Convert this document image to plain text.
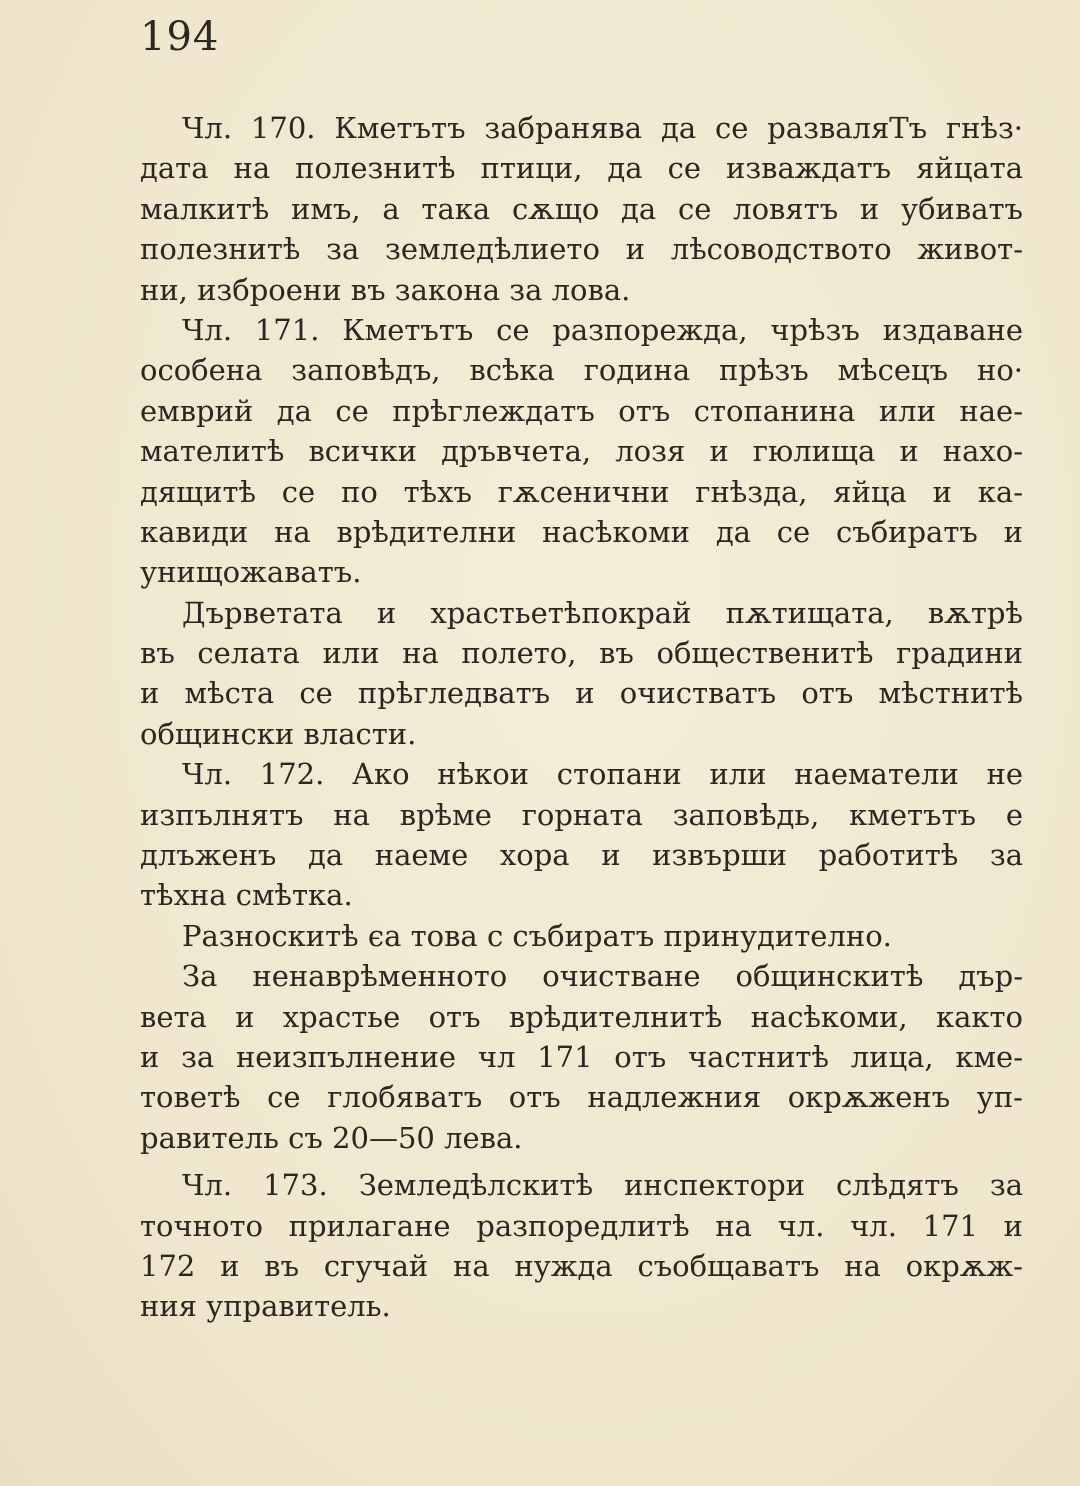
194
Чл. 170. Кметътъ забранява да се разваляТъ гнѣз·
дата на полезнитѣ птици, да се изваждатъ яйцата
малкитѣ имъ, а така сѫщо да се ловятъ и убиватъ
полезнитѣ за земледѣлието и лѣсоводството живот-
ни, изброени въ закона за лова.
Чл. 171. Кметътъ се разпорежда, чрѣзъ издаване
особена заповѣдъ, всѣка година прѣзъ мѣсецъ но·
емврий да се прѣглеждатъ отъ стопанина или нае-
мателитѣ всички дръвчета, лозя и гюлища и нахо-
дящитѣ се по тѣхъ гѫсенични гнѣзда, яйца и ка-
кавиди на врѣдителни насѣкоми да се събиратъ и
унищожаватъ.
Дърветата и храстьетѣпокрай пѫтищата, вѫтрѣ
въ селата или на полето, въ общественитѣ градини
и мѣста се прѣгледватъ и очистватъ отъ мѣстнитѣ
общински власти.
Чл. 172. Ако нѣкои стопани или наематели не
изпълнятъ на врѣме горната заповѣдь, кметътъ е
длъженъ да наеме хора и извърши работитѣ за
тѣхна смѣтка.
Разноскитѣ єа това с събиратъ принудително.
За ненаврѣменното очистване общинскитѣ дър-
вета и храстье отъ врѣдителнитѣ насѣкоми, както
и за неизпълнение чл 171 отъ частнитѣ лица, кме-
товетѣ се глобяватъ отъ надлежния окрѫженъ уп-
равитель съ 20—50 лева.
Чл. 173. Земледѣлскитѣ инспектори слѣдятъ за
точното прилагане разпоредлитѣ на чл. чл. 171 и
172 и въ сгучай на нужда съобщаватъ на окрѫж-
ния управитель.
